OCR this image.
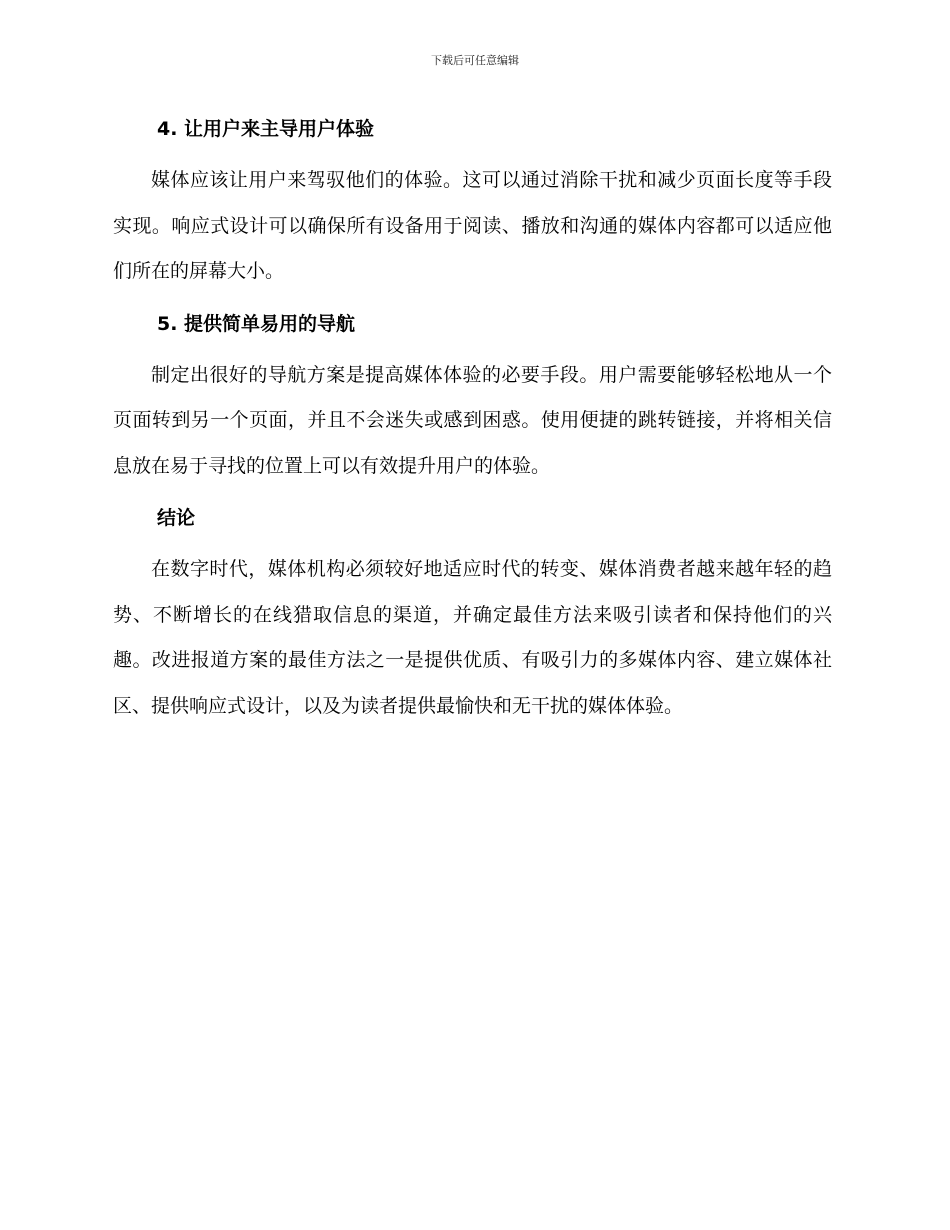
下载后可任意编辑
4. 让用户来主导用户体验

媒体应该让用户来驾驭他们的体验。这可以通过消除干扰和减少页面长度等手段实现。响应式设计可以确保所有设备用于阅读、播放和沟通的媒体内容都可以适应他们所在的屏幕大小。

5. 提供简单易用的导航

制定出很好的导航方案是提高媒体体验的必要手段。用户需要能够轻松地从一个页面转到另一个页面，并且不会迷失或感到困惑。使用便捷的跳转链接，并将相关信息放在易于寻找的位置上可以有效提升用户的体验。

结论

在数字时代，媒体机构必须较好地适应时代的转变、媒体消费者越来越年轻的趋势、不断增长的在线猎取信息的渠道，并确定最佳方法来吸引读者和保持他们的兴趣。改进报道方案的最佳方法之一是提供优质、有吸引力的多媒体内容、建立媒体社区、提供响应式设计，以及为读者提供最愉快和无干扰的媒体体验。
